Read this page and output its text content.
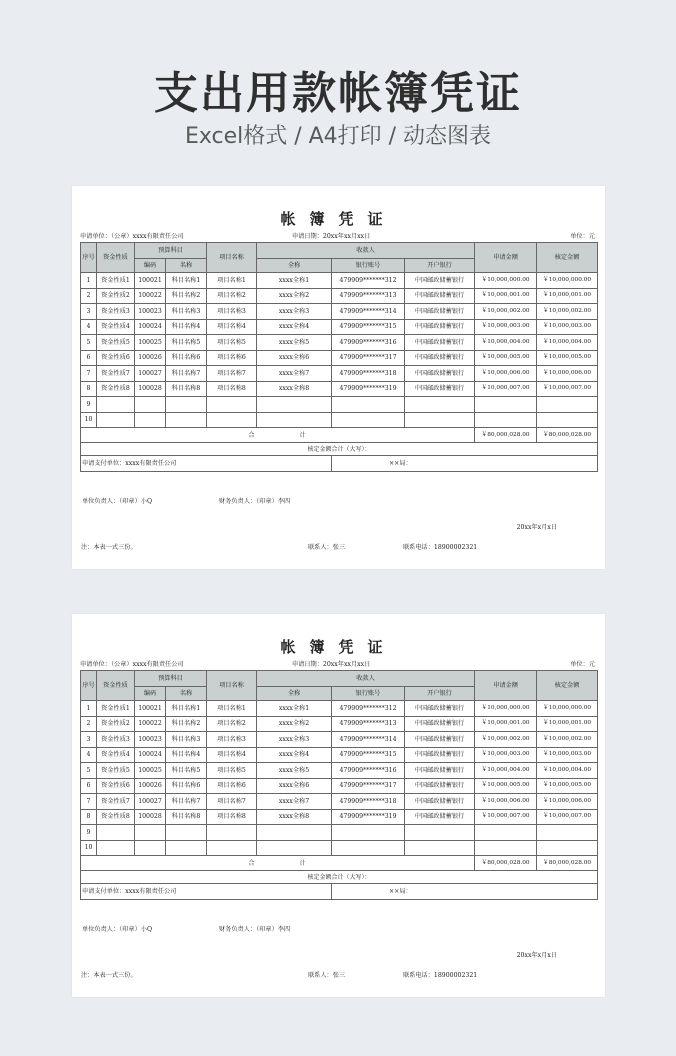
支出用款帐簿凭证
Excel格式 / A4打印 / 动态图表
帐簿凭证
申请单位：（公章）xxxx有限责任公司	申请日期：20xx年xx月xx日	单位：元
序号	资金性质	预算科目		项目名称	收款人			申请金额	核定金额
		编码	名称		全称	银行账号	开户银行		
1	资金性质1	100021	科目名称1	项目名称1	xxxx全称1	479909*******312	中国邮政储蓄银行	￥10,000,000.00	￥10,000,000.00
2	资金性质2	100022	科目名称2	项目名称2	xxxx全称2	479909*******313	中国邮政储蓄银行	￥10,000,001.00	￥10,000,001.00
3	资金性质3	100023	科目名称3	项目名称3	xxxx全称3	479909*******314	中国邮政储蓄银行	￥10,000,002.00	￥10,000,002.00
4	资金性质4	100024	科目名称4	项目名称4	xxxx全称4	479909*******315	中国邮政储蓄银行	￥10,000,003.00	￥10,000,003.00
5	资金性质5	100025	科目名称5	项目名称5	xxxx全称5	479909*******316	中国邮政储蓄银行	￥10,000,004.00	￥10,000,004.00
6	资金性质6	100026	科目名称6	项目名称6	xxxx全称6	479909*******317	中国邮政储蓄银行	￥10,000,005.00	￥10,000,005.00
7	资金性质7	100027	科目名称7	项目名称7	xxxx全称7	479909*******318	中国邮政储蓄银行	￥10,000,006.00	￥10,000,006.00
8	资金性质8	100028	科目名称8	项目名称8	xxxx全称8	479909*******319	中国邮政储蓄银行	￥10,000,007.00	￥10,000,007.00
9									
10									
合 计								￥80,000,028.00	￥80,000,028.00
核定金额合计（大写）：									

申请支付单位：xxxx有限责任公司
单位负责人：（印章）小Q 财务负责人：（印章）李四
××局：
20xx年x月x日									
注：本表一式三份。	联系人：张三	联系电话：18900002321
帐簿凭证
申请单位：（公章）xxxx有限责任公司	申请日期：20xx年xx月xx日	单位：元
序号	资金性质	预算科目		项目名称	收款人			申请金额	核定金额
		编码	名称		全称	银行账号	开户银行		
1	资金性质1	100021	科目名称1	项目名称1	xxxx全称1	479909*******312	中国邮政储蓄银行	￥10,000,000.00	￥10,000,000.00
2	资金性质2	100022	科目名称2	项目名称2	xxxx全称2	479909*******313	中国邮政储蓄银行	￥10,000,001.00	￥10,000,001.00
3	资金性质3	100023	科目名称3	项目名称3	xxxx全称3	479909*******314	中国邮政储蓄银行	￥10,000,002.00	￥10,000,002.00
4	资金性质4	100024	科目名称4	项目名称4	xxxx全称4	479909*******315	中国邮政储蓄银行	￥10,000,003.00	￥10,000,003.00
5	资金性质5	100025	科目名称5	项目名称5	xxxx全称5	479909*******316	中国邮政储蓄银行	￥10,000,004.00	￥10,000,004.00
6	资金性质6	100026	科目名称6	项目名称6	xxxx全称6	479909*******317	中国邮政储蓄银行	￥10,000,005.00	￥10,000,005.00
7	资金性质7	100027	科目名称7	项目名称7	xxxx全称7	479909*******318	中国邮政储蓄银行	￥10,000,006.00	￥10,000,006.00
8	资金性质8	100028	科目名称8	项目名称8	xxxx全称8	479909*******319	中国邮政储蓄银行	￥10,000,007.00	￥10,000,007.00
9									
10									
合 计								￥80,000,028.00	￥80,000,028.00
核定金额合计（大写）：									

申请支付单位：xxxx有限责任公司
单位负责人：（印章）小Q 财务负责人：（印章）李四
××局：
20xx年x月x日									
注：本表一式三份。	联系人：张三	联系电话：18900002321
